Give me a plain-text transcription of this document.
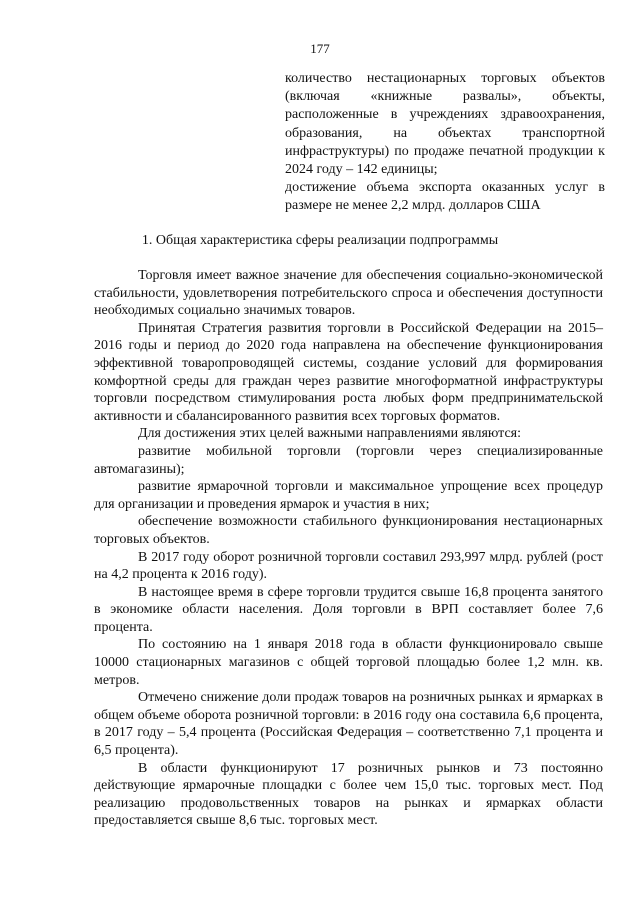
177

количество нестационарных торговых объектов (включая «книжные развалы», объекты, расположенные в учреждениях здравоохранения, образования, на объектах транспортной инфраструктуры) по продаже печатной продукции к 2024 году – 142 единицы;

достижение объема экспорта оказанных услуг в размере не менее 2,2 млрд. долларов США

1. Общая характеристика сферы реализации подпрограммы

Торговля имеет важное значение для обеспечения социально-экономической стабильности, удовлетворения потребительского спроса и обеспечения доступности необходимых социально значимых товаров.

Принятая Стратегия развития торговли в Российской Федерации на 2015–2016 годы и период до 2020 года направлена на обеспечение функционирования эффективной товаропроводящей системы, создание условий для формирования комфортной среды для граждан через развитие многоформатной инфраструктуры торговли посредством стимулирования роста любых форм предпринимательской активности и сбалансированного развития всех торговых форматов.

Для достижения этих целей важными направлениями являются:

развитие мобильной торговли (торговли через специализированные автомагазины);

развитие ярмарочной торговли и максимальное упрощение всех процедур для организации и проведения ярмарок и участия в них;

обеспечение возможности стабильного функционирования нестационарных торговых объектов.

В 2017 году оборот розничной торговли составил 293,997 млрд. рублей (рост на 4,2 процента к 2016 году).

В настоящее время в сфере торговли трудится свыше 16,8 процента занятого в экономике области населения. Доля торговли в ВРП составляет более 7,6 процента.

По состоянию на 1 января 2018 года в области функционировало свыше 10000 стационарных магазинов с общей торговой площадью более 1,2 млн. кв. метров.

Отмечено снижение доли продаж товаров на розничных рынках и ярмарках в общем объеме оборота розничной торговли: в 2016 году она составила 6,6 процента, в 2017 году – 5,4 процента (Российская Федерация – соответственно 7,1 процента и 6,5 процента).

В области функционируют 17 розничных рынков и 73 постоянно действующие ярмарочные площадки с более чем 15,0 тыс. торговых мест. Под реализацию продовольственных товаров на рынках и ярмарках области предоставляется свыше 8,6 тыс. торговых мест.
